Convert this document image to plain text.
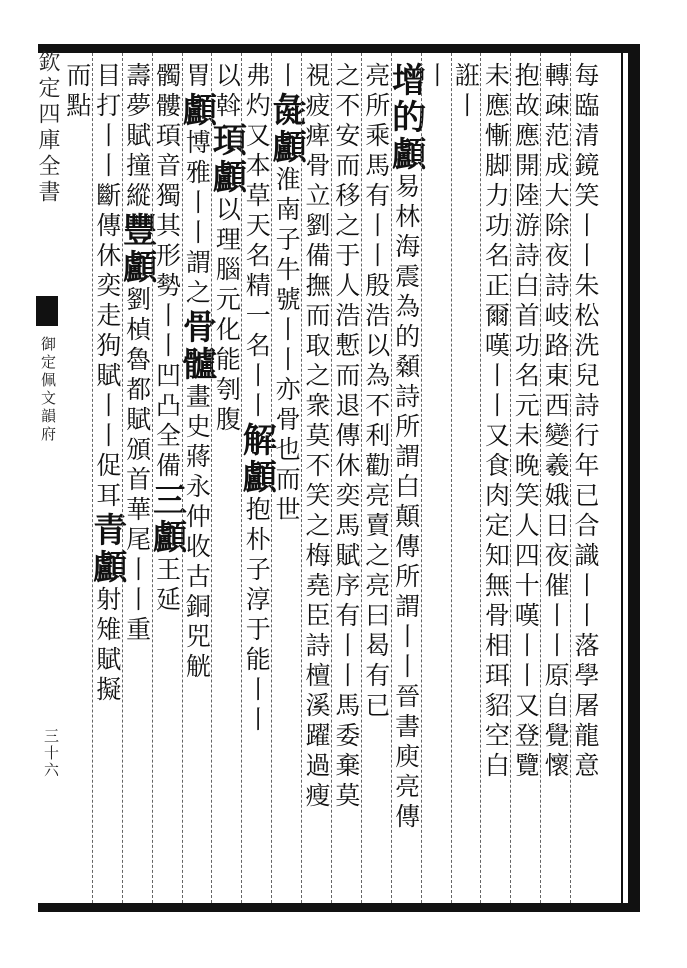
欽定四庫全書
御定佩文韻府
三十六	每臨清鏡笑丨丨朱松洗兒詩行年已合識丨丨落學屠龍意
轉疎范成大除夜詩岐路東西變羲娥日夜催丨丨原自覺懷
抱故應開陸游詩白首功名元未晚笑人四十嘆丨丨又登覽
未應慚脚力功名正爾嘆丨丨又食肉定知無骨相珥貂空白
誑丨
丨
增的顱易林海震為的顙詩所謂白顛傳所謂丨丨晉書庾亮傳
亮所乘馬有丨丨殷浩以為不利勸亮賣之亮曰曷有已
之不安而移之于人浩慙而退傳休奕馬賦序有丨丨馬委棄莫
視疲痺骨立劉備撫而取之衆莫不笑之梅堯臣詩檀溪躍過瘦
丨彘顱淮南子牛號丨丨亦骨也而世
弗灼又本草天名精一名丨丨解顱抱朴子淳于能丨丨
以斡頊顱以理腦元化能刳腹
胃顱博雅丨丨謂之骨髗畫史蔣永仲收古銅兕觥
髑髏頊音獨其形勢丨丨凹凸全備三顱王延
壽夢賦撞縱豐顱劉楨魯都賦頒首華尾丨丨重
目打丨丨斷傳休奕走狗賦丨丨促耳青顱射雉賦擬
而點
